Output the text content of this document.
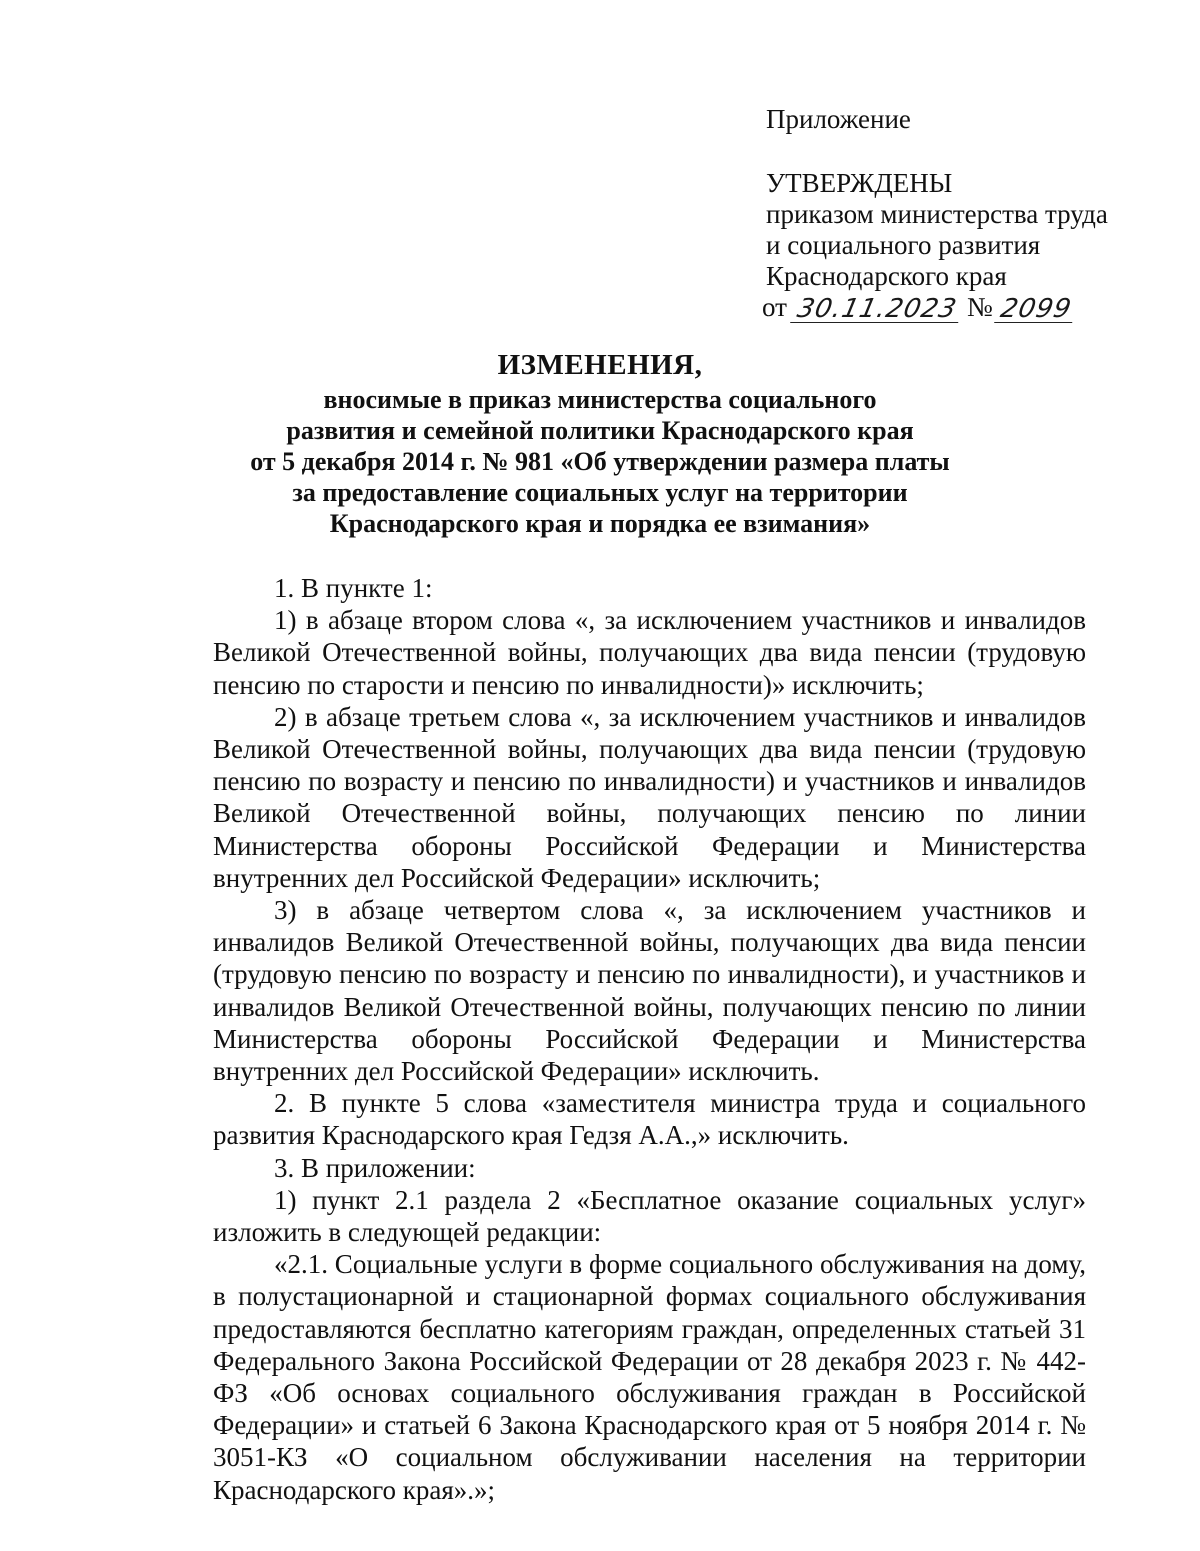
Приложение
УТВЕРЖДЕНЫ
приказом министерства труда
и социального развития
Краснодарского края
от 30.11.2023 № 2099
ИЗМЕНЕНИЯ,
вносимые в приказ министерства социального
развития и семейной политики Краснодарского края
от 5 декабря 2014 г. № 981 «Об утверждении размера платы
за предоставление социальных услуг на территории
Краснодарского края и порядка ее взимания»

1. В пункте 1:

1) в абзаце втором слова «, за исключением участников и инвалидов Великой Отечественной войны, получающих два вида пенсии (трудовую пенсию по старости и пенсию по инвалидности)» исключить;

2) в абзаце третьем слова «, за исключением участников и инвалидов Великой Отечественной войны, получающих два вида пенсии (трудовую пенсию по возрасту и пенсию по инвалидности) и участников и инвалидов Великой Отечественной войны, получающих пенсию по линии Министерства обороны Российской Федерации и Министерства внутренних дел Российской Федерации» исключить;

3) в абзаце четвертом слова «, за исключением участников и инвалидов Великой Отечественной войны, получающих два вида пенсии (трудовую пенсию по возрасту и пенсию по инвалидности), и участников и инвалидов Великой Отечественной войны, получающих пенсию по линии Министерства обороны Российской Федерации и Министерства внутренних дел Российской Федерации» исключить.

2. В пункте 5 слова «заместителя министра труда и социального развития Краснодарского края Гедзя А.А.,» исключить.

3. В приложении:

1) пункт 2.1 раздела 2 «Бесплатное оказание социальных услуг» изложить в следующей редакции:

«2.1. Социальные услуги в форме социального обслуживания на дому, в полустационарной и стационарной формах социального обслуживания предоставляются бесплатно категориям граждан, определенных статьей 31 Федерального Закона Российской Федерации от 28 декабря 2023 г. № 442-ФЗ «Об основах социального обслуживания граждан в Российской Федерации» и статьей 6 Закона Краснодарского края от 5 ноября 2014 г. № 3051-КЗ «О социальном обслуживании населения на территории Краснодарского края».»;
